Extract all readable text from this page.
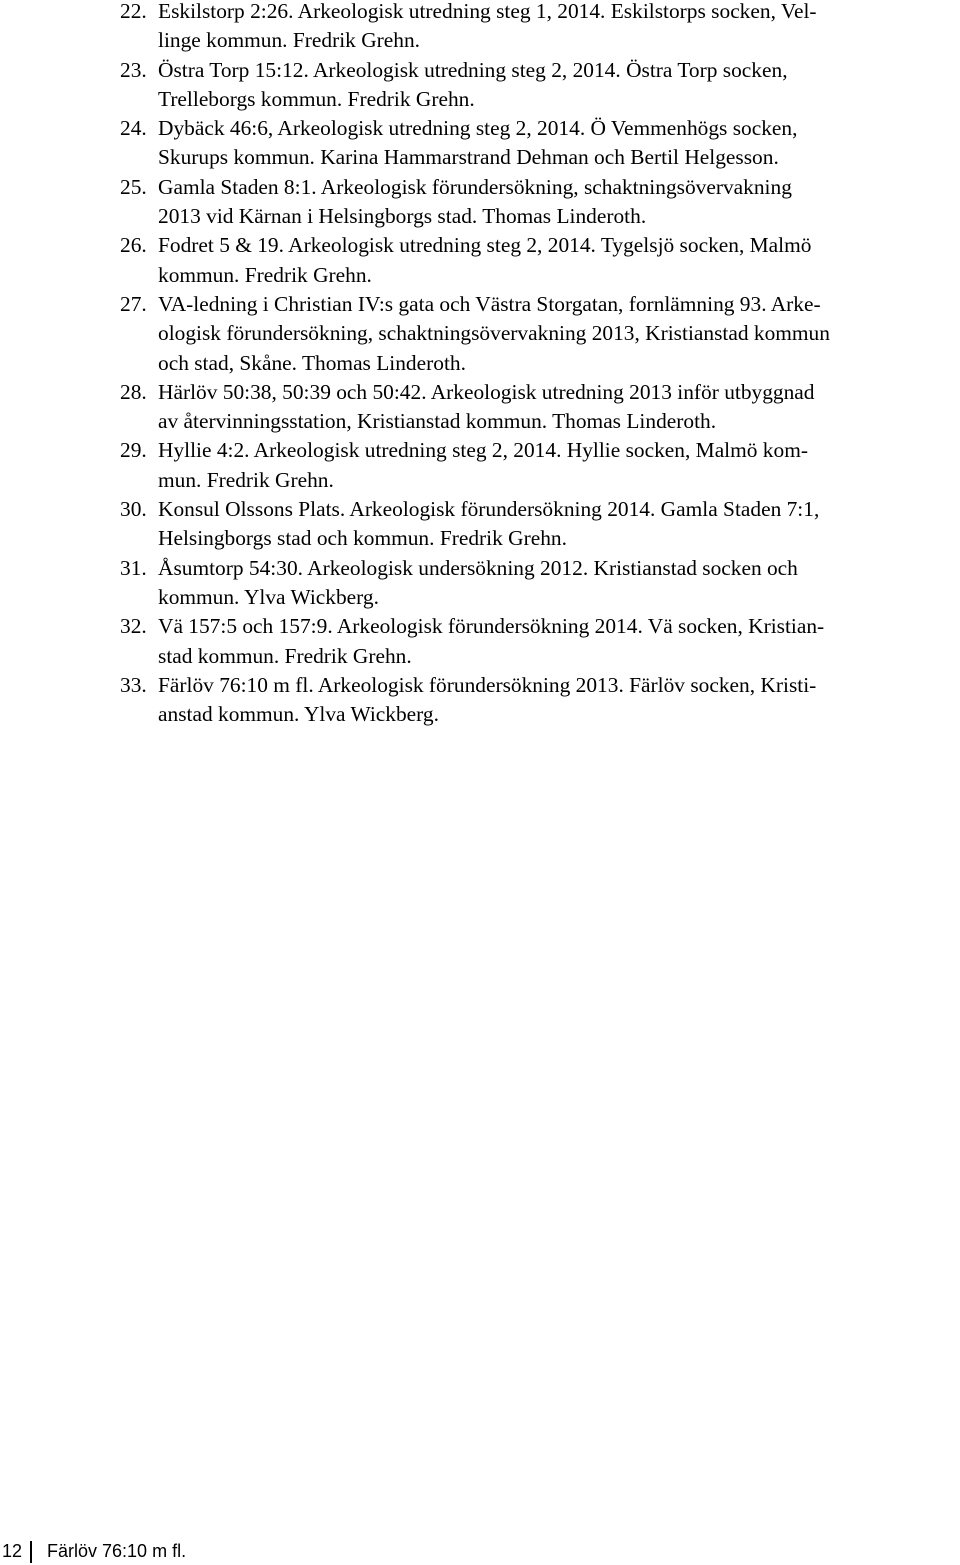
22. Eskilstorp 2:26. Arkeologisk utredning steg 1, 2014. Eskilstorps socken, Vel-
linge kommun. Fredrik Grehn.
23. Östra Torp 15:12. Arkeologisk utredning steg 2, 2014. Östra Torp socken,
Trelleborgs kommun. Fredrik Grehn.
24. Dybäck 46:6, Arkeologisk utredning steg 2, 2014. Ö Vemmenhögs socken,
Skurups kommun. Karina Hammarstrand Dehman och Bertil Helgesson.
25. Gamla Staden 8:1. Arkeologisk förundersökning, schaktningsövervakning
2013 vid Kärnan i Helsingborgs stad. Thomas Linderoth.
26. Fodret 5 & 19. Arkeologisk utredning steg 2, 2014. Tygelsjö socken, Malmö
kommun. Fredrik Grehn.
27. VA-ledning i Christian IV:s gata och Västra Storgatan, fornlämning 93. Arke-
ologisk förundersökning, schaktningsövervakning 2013, Kristianstad kommun
och stad, Skåne. Thomas Linderoth.
28. Härlöv 50:38, 50:39 och 50:42. Arkeologisk utredning 2013 inför utbyggnad
av återvinningsstation, Kristianstad kommun. Thomas Linderoth.
29. Hyllie 4:2. Arkeologisk utredning steg 2, 2014. Hyllie socken, Malmö kom-
mun. Fredrik Grehn.
30. Konsul Olssons Plats. Arkeologisk förundersökning 2014. Gamla Staden 7:1,
Helsingborgs stad och kommun. Fredrik Grehn.
31. Åsumtorp 54:30. Arkeologisk undersökning 2012. Kristianstad socken och
kommun. Ylva Wickberg.
32. Vä 157:5 och 157:9. Arkeologisk förundersökning 2014. Vä socken, Kristian-
stad kommun. Fredrik Grehn.
33. Färlöv 76:10 m fl. Arkeologisk förundersökning 2013. Färlöv socken, Kristi-
anstad kommun. Ylva Wickberg.
12 Färlöv 76:10 m fl.
